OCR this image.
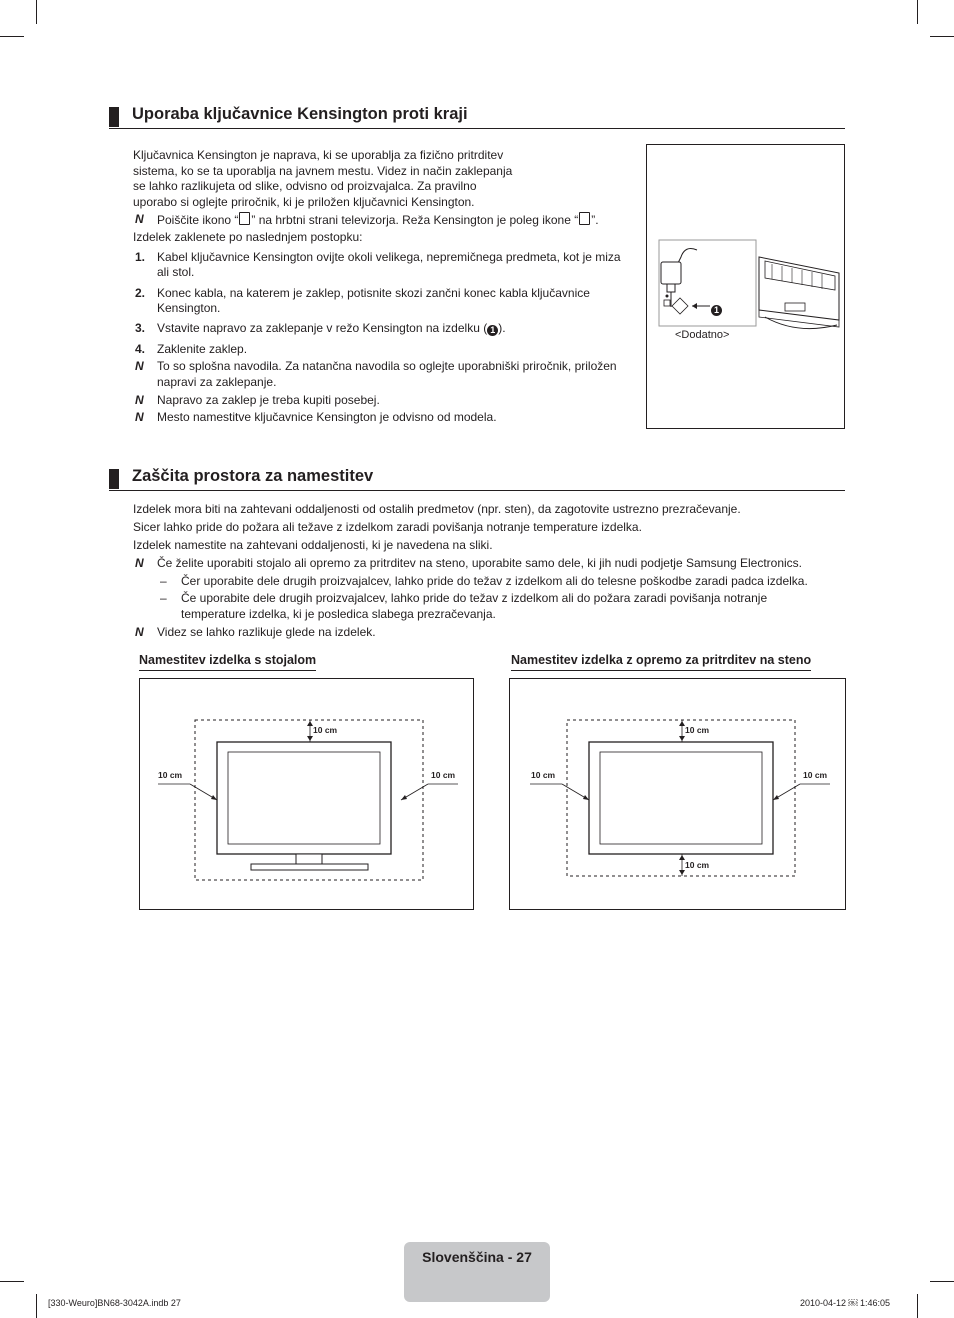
Uporaba ključavnice Kensington proti kraji
Ključavnica Kensington je naprava, ki se uporablja za fizično pritrditev
sistema, ko se ta uporablja na javnem mestu. Videz in način zaklepanja
se lahko razlikujeta od slike, odvisno od proizvajalca. Za pravilno
uporabo si oglejte priročnik, ki je priložen ključavnici Kensington.
N Poiščite ikono “ ” na hrbtni strani televizorja. Reža Kensington je poleg ikone “ ”.
Izdelek zaklenete po naslednjem postopku:
1. Kabel ključavnice Kensington ovijte okoli velikega, nepremičnega predmeta, kot je miza
ali stol.
2. Konec kabla, na katerem je zaklep, potisnite skozi zančni konec kabla ključavnice
Kensington.
3. Vstavite napravo za zaklepanje v režo Kensington na izdelku ( 1 ).
4. Zaklenite zaklep.
N To so splošna navodila. Za natančna navodila so oglejte uporabniški priročnik, priložen
napravi za zaklepanje.
N Napravo za zaklep je treba kupiti posebej.
N Mesto namestitve ključavnice Kensington je odvisno od modela.
1
<Dodatno>
Zaščita prostora za namestitev
Izdelek mora biti na zahtevani oddaljenosti od ostalih predmetov (npr. sten), da zagotovite ustrezno prezračevanje.
Sicer lahko pride do požara ali težave z izdelkom zaradi povišanja notranje temperature izdelka.
Izdelek namestite na zahtevani oddaljenosti, ki je navedena na sliki.
N Če želite uporabiti stojalo ali opremo za pritrditev na steno, uporabite samo dele, ki jih nudi podjetje Samsung Electronics.
– Čer uporabite dele drugih proizvajalcev, lahko pride do težav z izdelkom ali do telesne poškodbe zaradi padca izdelka.
– Če uporabite dele drugih proizvajalcev, lahko pride do težav z izdelkom ali do požara zaradi povišanja notranje
temperature izdelka, ki je posledica slabega prezračevanja.
N Videz se lahko razlikuje glede na izdelek.
Namestitev izdelka s stojalom	Namestitev izdelka z opremo za pritrditev na steno
10 cm
10 cm	10 cm
10 cm
10 cm	10 cm
10 cm
Slovenščina - 27
[330-Weuro]BN68-3042A.indb 27	2010-04-12 ￼ 1:46:05
